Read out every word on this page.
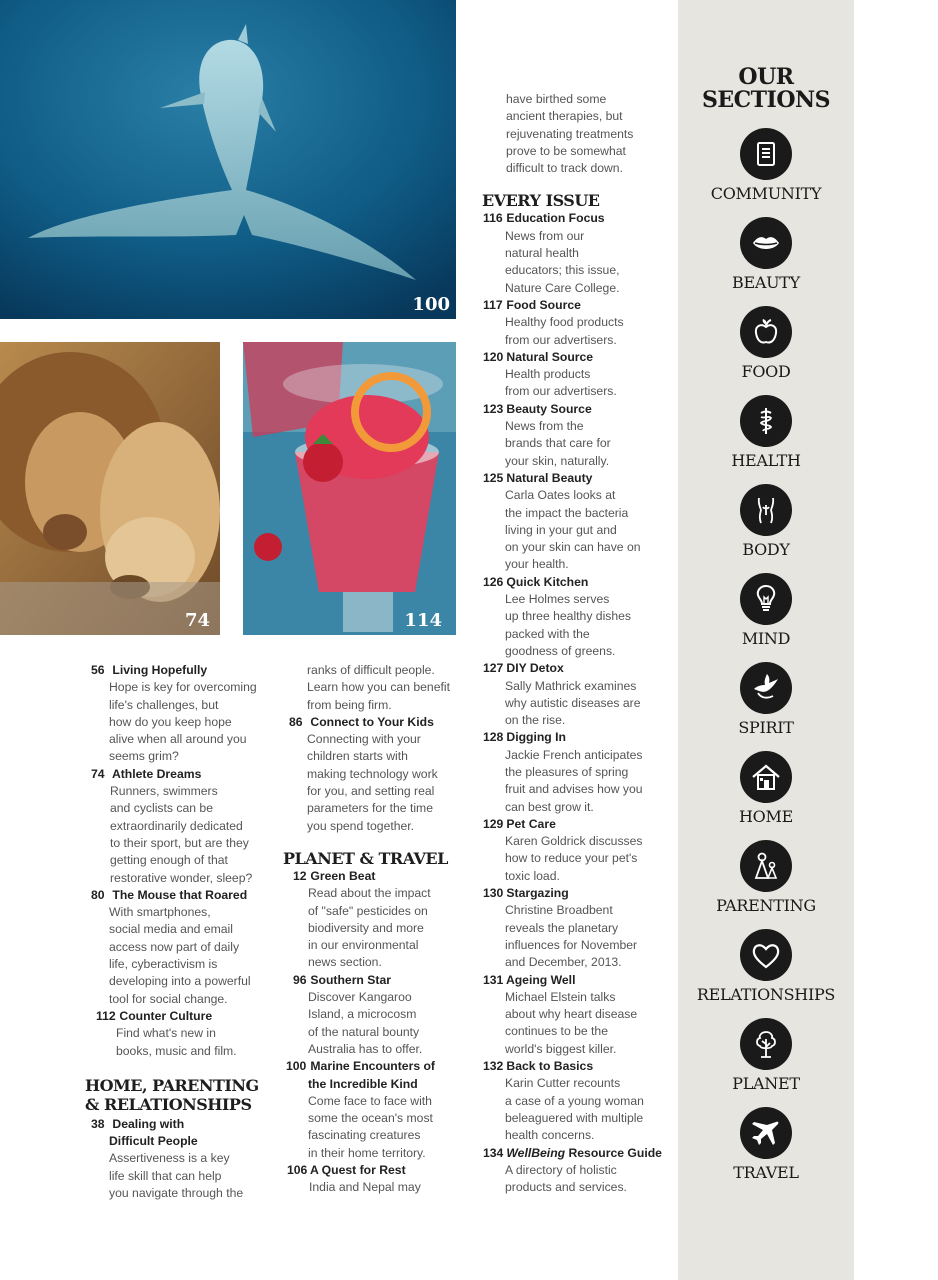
100
74	114
56 Living Hopefully
Hope is key for overcoming
life's challenges, but
how do you keep hope
alive when all around you
seems grim?
74 Athlete Dreams
Runners, swimmers
and cyclists can be
extraordinarily dedicated
to their sport, but are they
getting enough of that
restorative wonder, sleep?
80 The Mouse that Roared
With smartphones,
social media and email
access now part of daily
life, cyberactivism is
developing into a powerful
tool for social change.
112 Counter Culture
Find what's new in
books, music and film.
HOME, PARENTING
& RELATIONSHIPS
38 Dealing with
Difficult People
Assertiveness is a key
life skill that can help
you navigate through the
ranks of difficult people.
Learn how you can benefit
from being firm.
86 Connect to Your Kids
Connecting with your
children starts with
making technology work
for you, and setting real
parameters for the time
you spend together.
PLANET & TRAVEL
12 Green Beat
Read about the impact
of "safe" pesticides on
biodiversity and more
in our environmental
news section.
96 Southern Star
Discover Kangaroo
Island, a microcosm
of the natural bounty
Australia has to offer.
100 Marine Encounters of
the Incredible Kind
Come face to face with
some the ocean's most
fascinating creatures
in their home territory.
106 A Quest for Rest
India and Nepal may
have birthed some
ancient therapies, but
rejuvenating treatments
prove to be somewhat
difficult to track down.
EVERY ISSUE
116 Education Focus
News from our
natural health
educators; this issue,
Nature Care College.
117 Food Source
Healthy food products
from our advertisers.
120 Natural Source
Health products
from our advertisers.
123 Beauty Source
News from the
brands that care for
your skin, naturally.
125 Natural Beauty
Carla Oates looks at
the impact the bacteria
living in your gut and
on your skin can have on
your health.
126 Quick Kitchen
Lee Holmes serves
up three healthy dishes
packed with the
goodness of greens.
127 DIY Detox
Sally Mathrick examines
why autistic diseases are
on the rise.
128 Digging In
Jackie French anticipates
the pleasures of spring
fruit and advises how you
can best grow it.
129 Pet Care
Karen Goldrick discusses
how to reduce your pet's
toxic load.
130 Stargazing
Christine Broadbent
reveals the planetary
influences for November
and December, 2013.
131 Ageing Well
Michael Elstein talks
about why heart disease
continues to be the
world's biggest killer.
132 Back to Basics
Karin Cutter recounts
a case of a young woman
beleaguered with multiple
health concerns.
134 WellBeing Resource Guide
A directory of holistic
products and services.
OUR
SECTIONS
COMMUNITY
BEAUTY
FOOD
HEALTH
BODY
MIND
SPIRIT
HOME
PARENTING
RELATIONSHIPS
PLANET
TRAVEL
